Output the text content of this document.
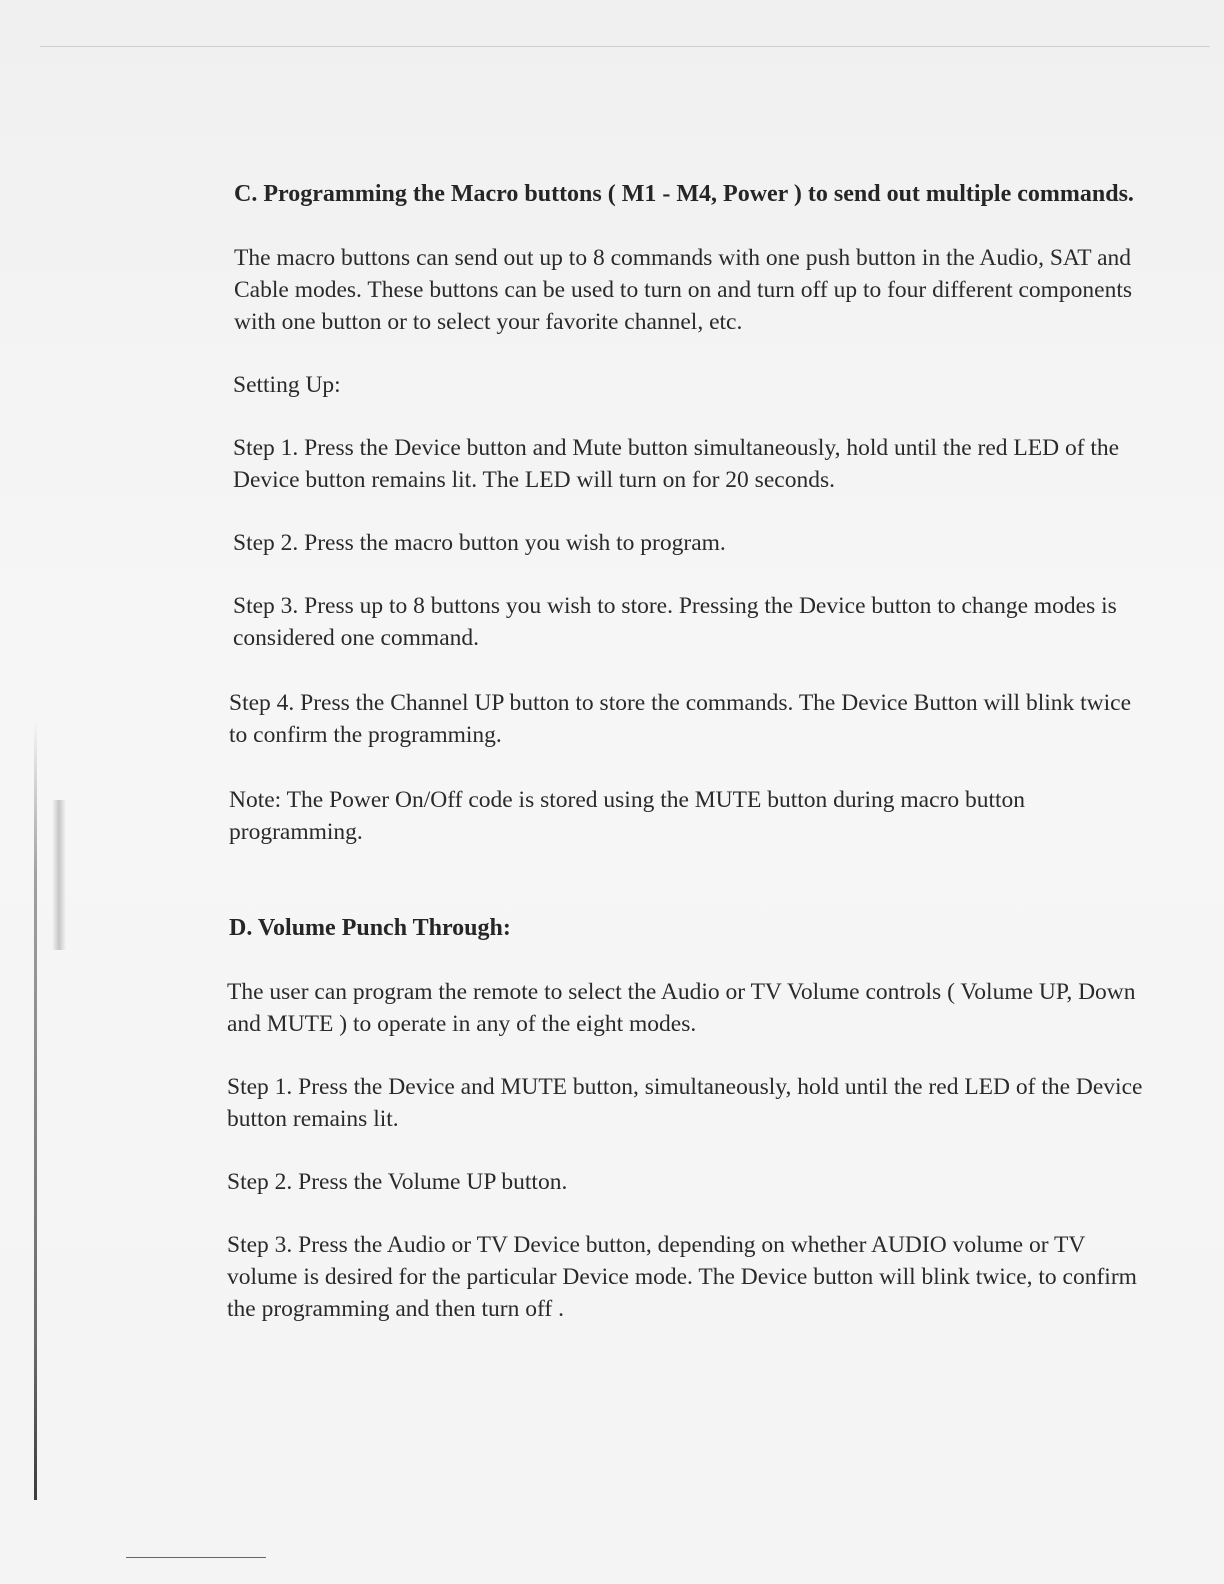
C. Programming the Macro buttons ( M1 - M4, Power ) to send out multiple commands.

The macro buttons can send out up to 8 commands with one push button in the Audio, SAT and Cable modes. These buttons can be used to turn on and turn off up to four different components with one button or to select your favorite channel, etc.

Setting Up:

Step 1. Press the Device button and Mute button simultaneously, hold until the red LED of the Device button remains lit. The LED will turn on for 20 seconds.

Step 2. Press the macro button you wish to program.

Step 3. Press up to 8 buttons you wish to store. Pressing the Device button to change modes is considered one command.

Step 4. Press the Channel UP button to store the commands. The Device Button will blink twice to confirm the programming.

Note: The Power On/Off code is stored using the MUTE button during macro button programming.

D. Volume Punch Through:

The user can program the remote to select the Audio or TV Volume controls ( Volume UP, Down and MUTE ) to operate in any of the eight modes.

Step 1. Press the Device and MUTE button, simultaneously, hold until the red LED of the Device button remains lit.

Step 2. Press the Volume UP button.

Step 3. Press the Audio or TV Device button, depending on whether AUDIO volume or TV volume is desired for the particular Device mode. The Device button will blink twice, to confirm the programming and then turn off .
